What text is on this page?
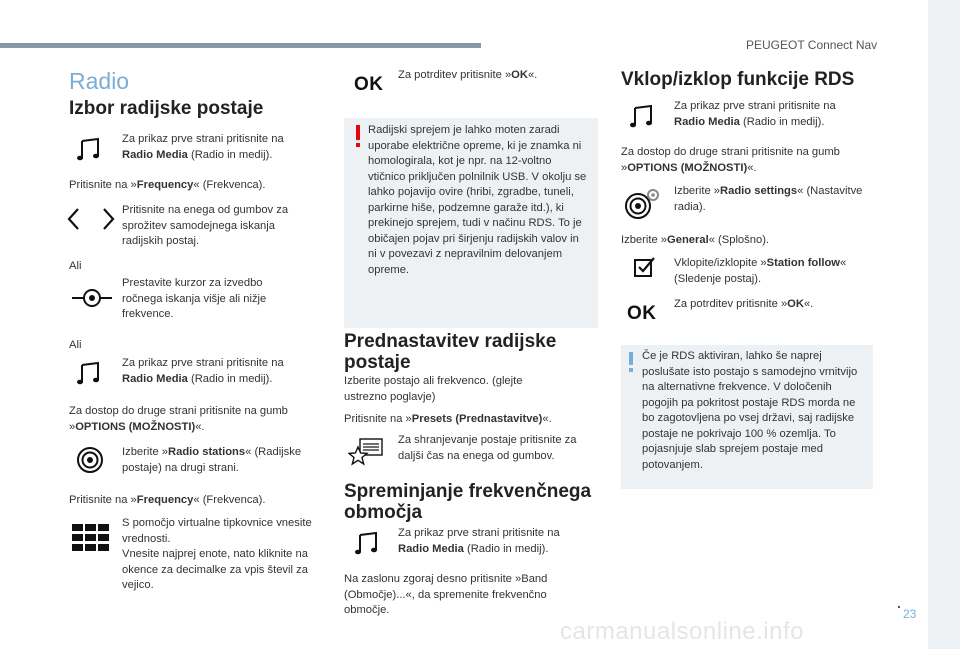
PEUGEOT Connect Nav
.
23
Radio
Izbor radijske postaje
Za prikaz prve strani pritisnite na Radio Media (Radio in medij).
Pritisnite na »Frequency« (Frekvenca).
Pritisnite na enega od gumbov za sprožitev samodejnega iskanja radijskih postaj.
Ali
Prestavite kurzor za izvedbo ročnega iskanja višje ali nižje frekvence.
Ali
Za prikaz prve strani pritisnite na Radio Media (Radio in medij).
Za dostop do druge strani pritisnite na gumb »OPTIONS (MOŽNOSTI)«.
Izberite »Radio stations« (Radijske postaje) na drugi strani.
Pritisnite na »Frequency« (Frekvenca).
S pomočjo virtualne tipkovnice vnesite vrednosti.
Vnesite najprej enote, nato kliknite na okence za decimalke za vpis števil za vejico.
OK Za potrditev pritisnite »OK«.
Radijski sprejem je lahko moten zaradi uporabe električne opreme, ki je znamka ni homologirala, kot je npr. na 12-voltno vtičnico priključen polnilnik USB. V okolju se lahko pojavijo ovire (hribi, zgradbe, tuneli, parkirne hiše, podzemne garaže itd.), ki prekinejo sprejem, tudi v načinu RDS. To je običajen pojav pri širjenju radijskih valov in ni v povezavi z nepravilnim delovanjem opreme.
Prednastavitev radijske postaje
Izberite postajo ali frekvenco. (glejte ustrezno poglavje)
Pritisnite na »Presets (Prednastavitve)«.
Za shranjevanje postaje pritisnite za daljši čas na enega od gumbov.
Spreminjanje frekvenčnega območja
Za prikaz prve strani pritisnite na Radio Media (Radio in medij).
Na zaslonu zgoraj desno pritisnite »Band (Območje)...«, da spremenite frekvenčno območje.
Vklop/izklop funkcije RDS
Za prikaz prve strani pritisnite na Radio Media (Radio in medij).
Za dostop do druge strani pritisnite na gumb »OPTIONS (MOŽNOSTI)«.
Izberite »Radio settings« (Nastavitve radia).
Izberite »General« (Splošno).
Vklopite/izklopite »Station follow« (Sledenje postaj).
OK Za potrditev pritisnite »OK«.
Če je RDS aktiviran, lahko še naprej poslušate isto postajo s samodejno vrnitvijo na alternativne frekvence. V določenih pogojih pa pokritost postaje RDS morda ne bo zagotovljena po vsej državi, saj radijske postaje ne pokrivajo 100 % ozemlja. To pojasnjuje slab sprejem postaje med potovanjem.
carmanualsonline.info
